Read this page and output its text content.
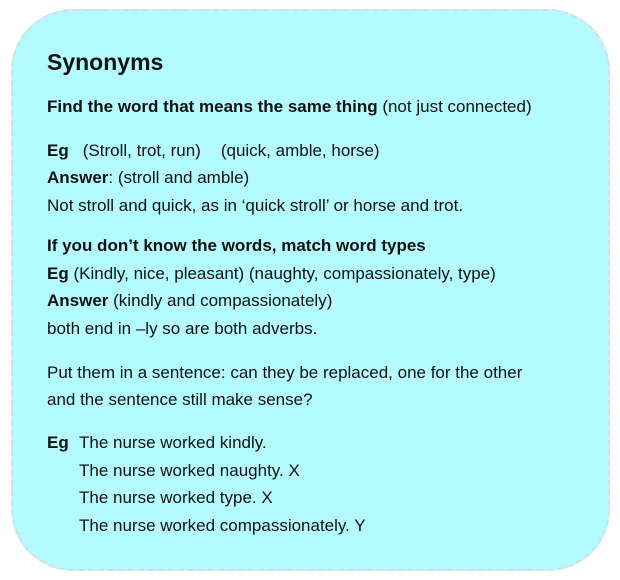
Synonyms
Find the word that means the same thing (not just connected)
Eg (Stroll, trot, run) (quick, amble, horse)
Answer: (stroll and amble)
Not stroll and quick, as in ‘quick stroll’ or horse and trot.
If you don’t know the words, match word types
Eg (Kindly, nice, pleasant) (naughty, compassionately, type)
Answer (kindly and compassionately)
both end in –ly so are both adverbs.
Put them in a sentence: can they be replaced, one for the other
and the sentence still make sense?
Eg The nurse worked kindly.
The nurse worked naughty. X
The nurse worked type. X
The nurse worked compassionately. Y
